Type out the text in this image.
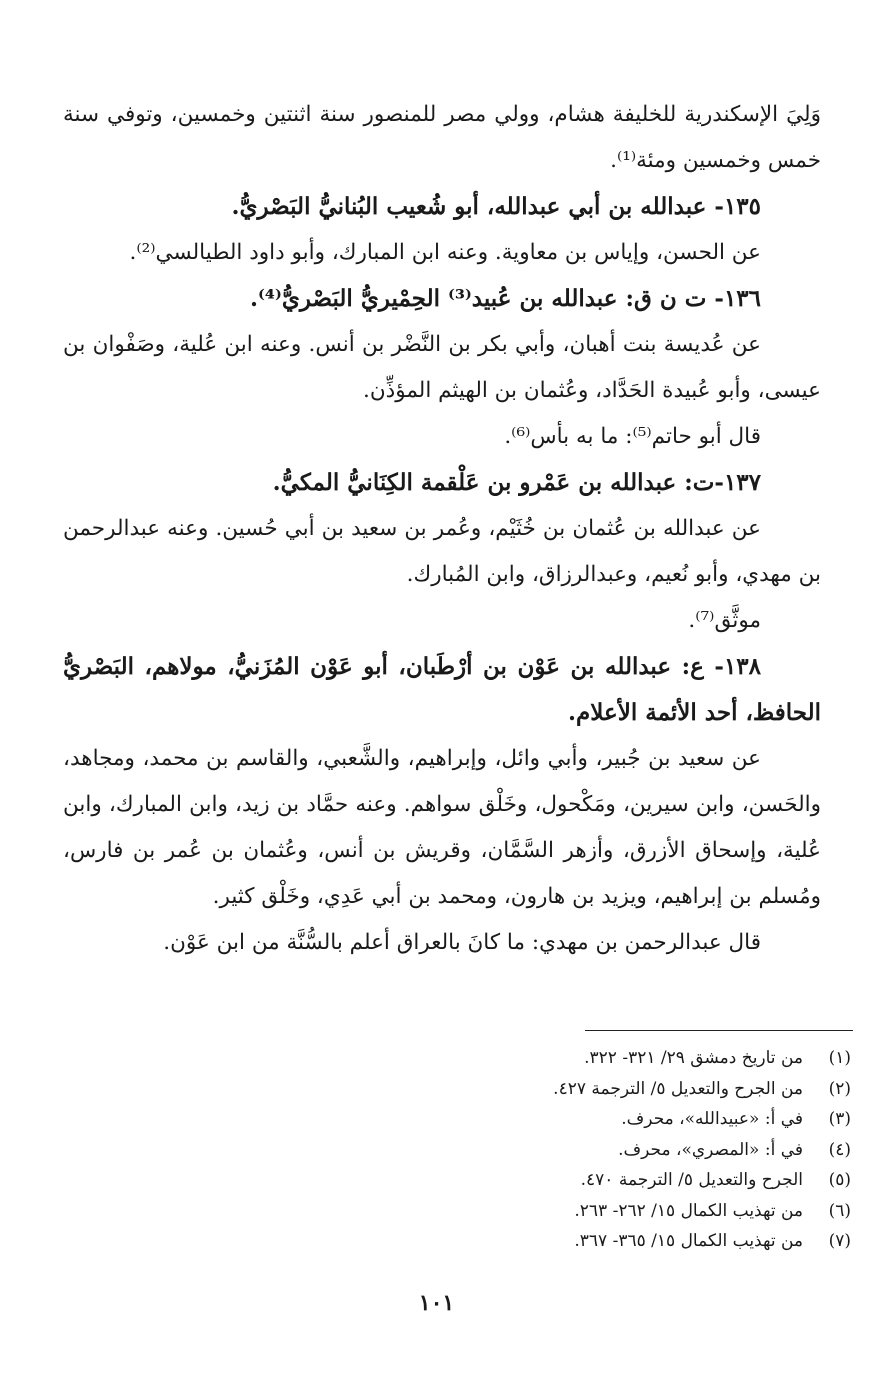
وَلِيَ الإسكندرية للخليفة هشام، وولي مصر للمنصور سنة اثنتين وخمسين، وتوفي سنة خمس وخمسين ومئة⁽¹⁾.

١٣٥- عبدالله بن أبي عبدالله، أبو شُعيب البُنانيُّ البَصْريُّ.

عن الحسن، وإياس بن معاوية. وعنه ابن المبارك، وأبو داود الطيالسي⁽²⁾.

١٣٦- ت ن ق: عبدالله بن عُبيد⁽³⁾ الحِمْيريُّ البَصْريُّ⁽⁴⁾.

عن عُديسة بنت أهبان، وأبي بكر بن النَّضْر بن أنس. وعنه ابن عُلية، وصَفْوان بن عيسى، وأبو عُبيدة الحَدَّاد، وعُثمان بن الهيثم المؤذِّن.

قال أبو حاتم⁽⁵⁾: ما به بأس⁽⁶⁾.

١٣٧-ت: عبدالله بن عَمْرو بن عَلْقمة الكِنَانيُّ المكيُّ.

عن عبدالله بن عُثمان بن خُثَيْم، وعُمر بن سعيد بن أبي حُسين. وعنه عبدالرحمن بن مهدي، وأبو نُعيم، وعبدالرزاق، وابن المُبارك.

موثَّق⁽⁷⁾.

١٣٨- ع: عبدالله بن عَوْن بن أرْطَبان، أبو عَوْن المُزَنيُّ، مولاهم، البَصْريُّ الحافظ، أحد الأئمة الأعلام.

عن سعيد بن جُبير، وأبي وائل، وإبراهيم، والشَّعبي، والقاسم بن محمد، ومجاهد، والحَسن، وابن سيرين، ومَكْحول، وخَلْق سواهم. وعنه حمَّاد بن زيد، وابن المبارك، وابن عُلية، وإسحاق الأزرق، وأزهر السَّمَّان، وقريش بن أنس، وعُثمان بن عُمر بن فارس، ومُسلم بن إبراهيم، ويزيد بن هارون، ومحمد بن أبي عَدِي، وخَلْق كثير.

قال عبدالرحمن بن مهدي: ما كانَ بالعراق أعلم بالسُّنَّة من ابن عَوْن.

(١)
من تاريخ دمشق ٢٩/ ٣٢١- ٣٢٢.
(٢)
من الجرح والتعديل ٥/ الترجمة ٤٢٧.
(٣)
في أ: «عبيدالله»، محرف.
(٤)
في أ: «المصري»، محرف.
(٥)
الجرح والتعديل ٥/ الترجمة ٤٧٠.
(٦)
من تهذيب الكمال ١٥/ ٢٦٢- ٢٦٣.
(٧)
من تهذيب الكمال ١٥/ ٣٦٥- ٣٦٧.
١٠١
